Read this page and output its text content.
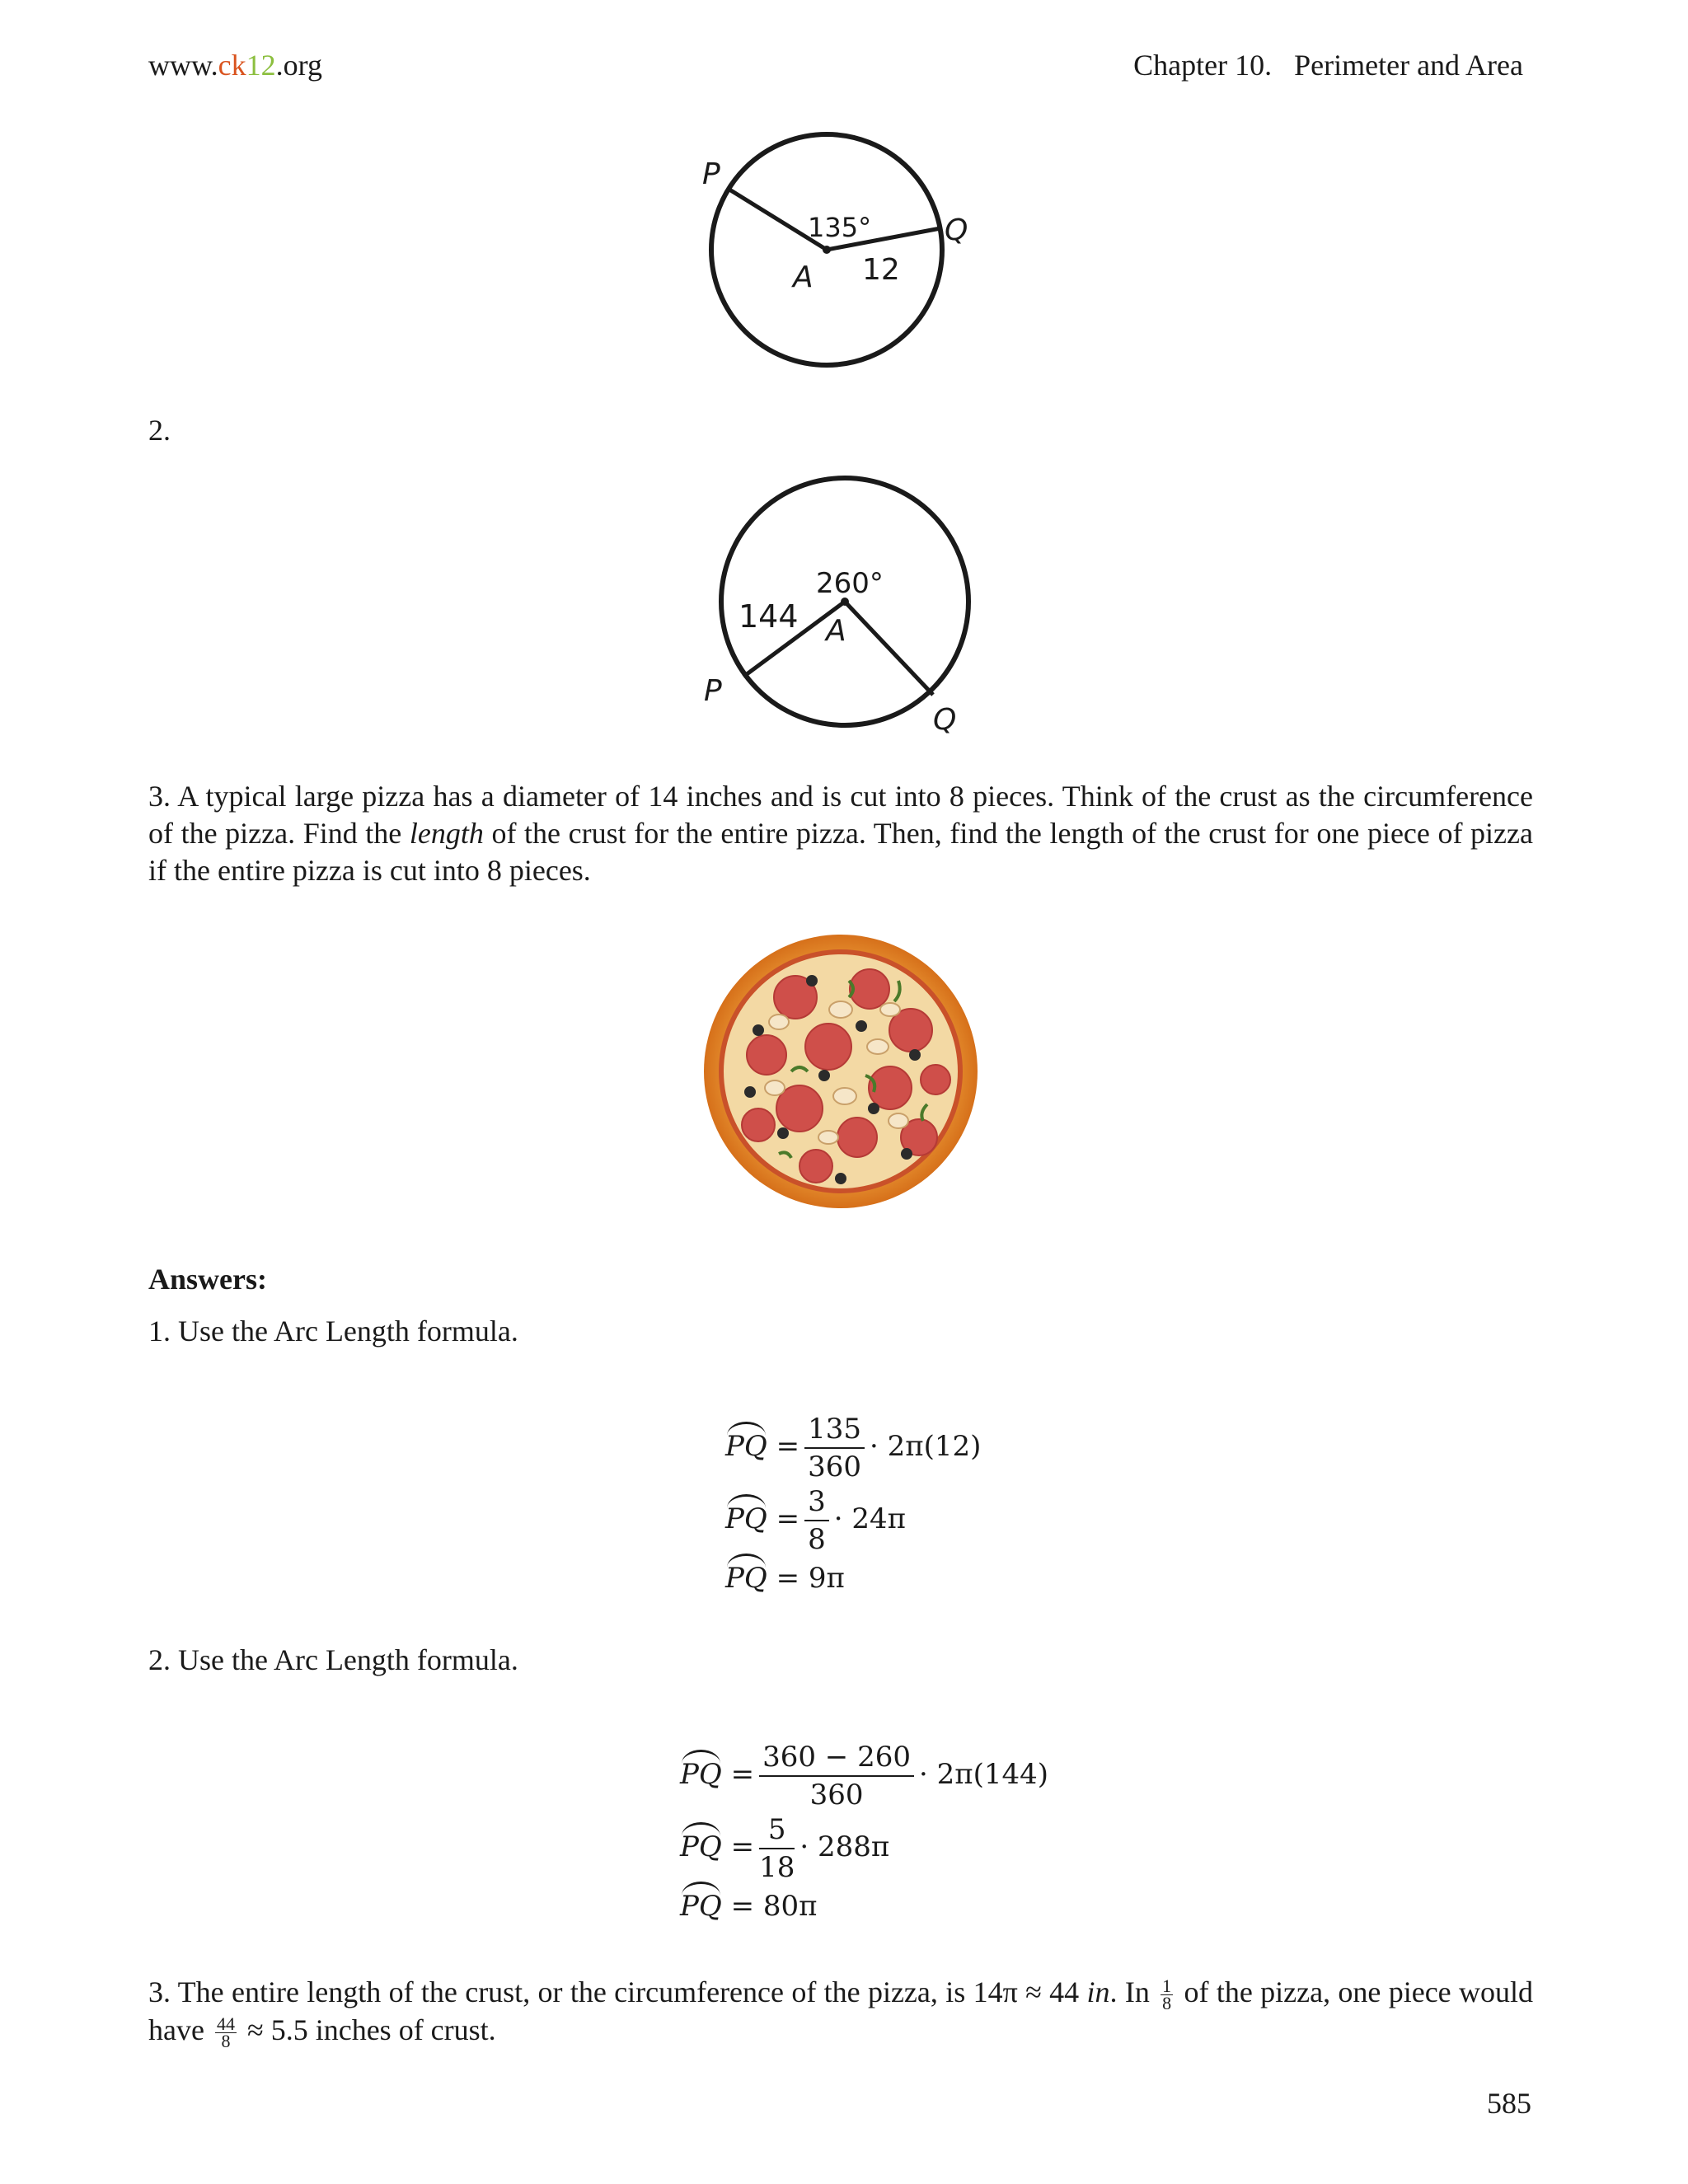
www.ck12.org	Chapter 10. Perimeter and Area
P
Q
A
135°
12
2.
P
Q
A
260°
144
3. A typical large pizza has a diameter of 14 inches and is cut into 8 pieces. Think of the crust as the circumference of the pizza. Find the length of the crust for the entire pizza. Then, find the length of the crust for one piece of pizza if the entire pizza is cut into 8 pieces.
Answers:
1. Use the Arc Length formula.
PQ = $\frac{135}{360} \cdot 2\pi(12)$
PQ = $\frac{3}{8} \cdot 24\pi$
PQ = 9π
2. Use the Arc Length formula.
PQ = $\frac{360 - 260}{360} \cdot 2\pi(144)$
PQ = $\frac{5}{18} \cdot 288\pi$
PQ = 80π
3. The entire length of the crust, or the circumference of the pizza, is 14π ≈ 44 in. In $\frac{1}{8}$ of the pizza, one piece would have $\frac{44}{8} \approx 5.5$ inches of crust.
585
